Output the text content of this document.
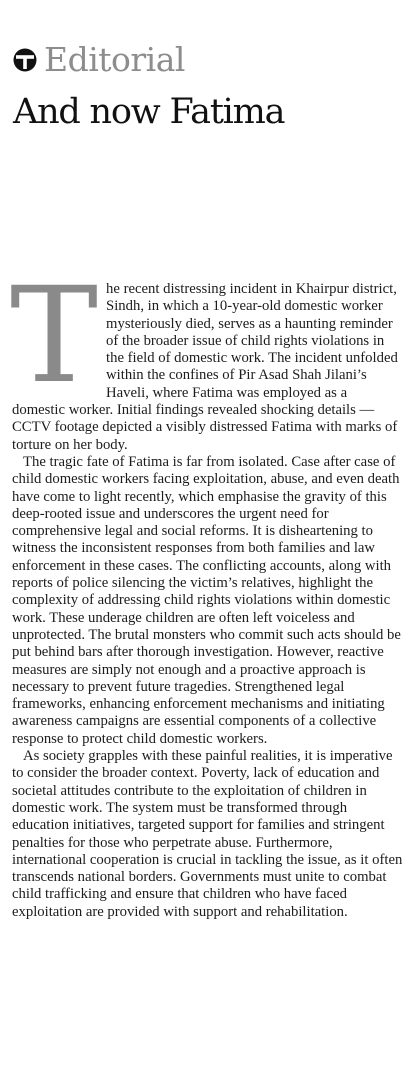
Editorial
And now Fatima

The recent distressing incident in Khairpur district, Sindh, in which a 10-year-old domestic worker mysteriously died, serves as a haunting reminder of the broader issue of child rights violations in the field of domestic work. The incident unfolded within the confines of Pir Asad Shah Jilani’s Haveli, where Fatima was employed as a domestic worker. Initial findings revealed shocking details — CCTV footage depicted a visibly distressed Fatima with marks of torture on her body.

The tragic fate of Fatima is far from isolated. Case after case of child domestic workers facing exploitation, abuse, and even death have come to light recently, which emphasise the gravity of this deep-rooted issue and underscores the urgent need for comprehensive legal and social reforms. It is disheartening to witness the inconsistent responses from both families and law enforcement in these cases. The conflicting accounts, along with reports of police silencing the victim’s relatives, highlight the complexity of addressing child rights violations within domestic work. These underage children are often left voiceless and unprotected. The brutal monsters who commit such acts should be put behind bars after thorough investigation. However, reactive measures are simply not enough and a proactive approach is necessary to prevent future tragedies. Strengthened legal frameworks, enhancing enforcement mechanisms and initiating awareness campaigns are essential components of a collective response to protect child domestic workers.

As society grapples with these painful realities, it is imperative to consider the broader context. Poverty, lack of education and societal attitudes contribute to the exploitation of children in domestic work. The system must be transformed through education initiatives, targeted support for families and stringent penalties for those who perpetrate abuse. Furthermore, international cooperation is crucial in tackling the issue, as it often transcends national borders. Governments must unite to combat child trafficking and ensure that children who have faced exploitation are provided with support and rehabilitation.
